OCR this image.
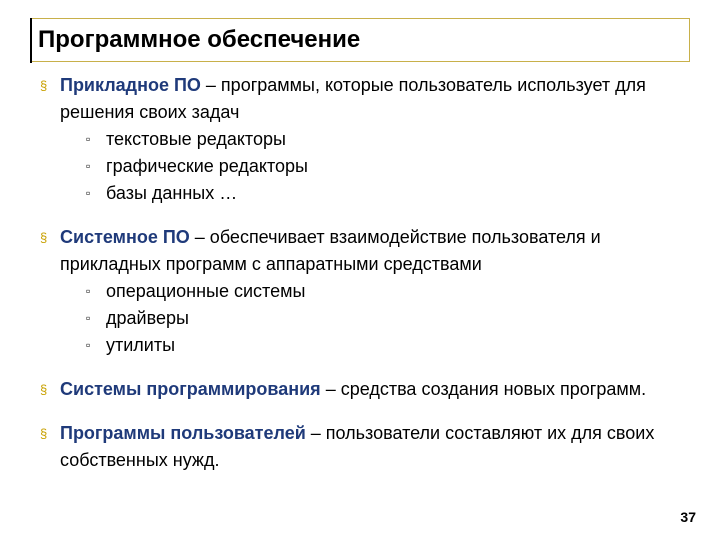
Программное обеспечение
§ Прикладное ПО – программы, которые пользователь использует для решения своих задач
▫ текстовые редакторы
▫ графические редакторы
▫ базы данных …
§ Системное ПО – обеспечивает взаимодействие пользователя и прикладных программ с аппаратными средствами
▫ операционные системы
▫ драйверы
▫ утилиты
§ Системы программирования – средства создания новых программ.
§ Программы пользователей – пользователи составляют их для своих собственных нужд.
37
